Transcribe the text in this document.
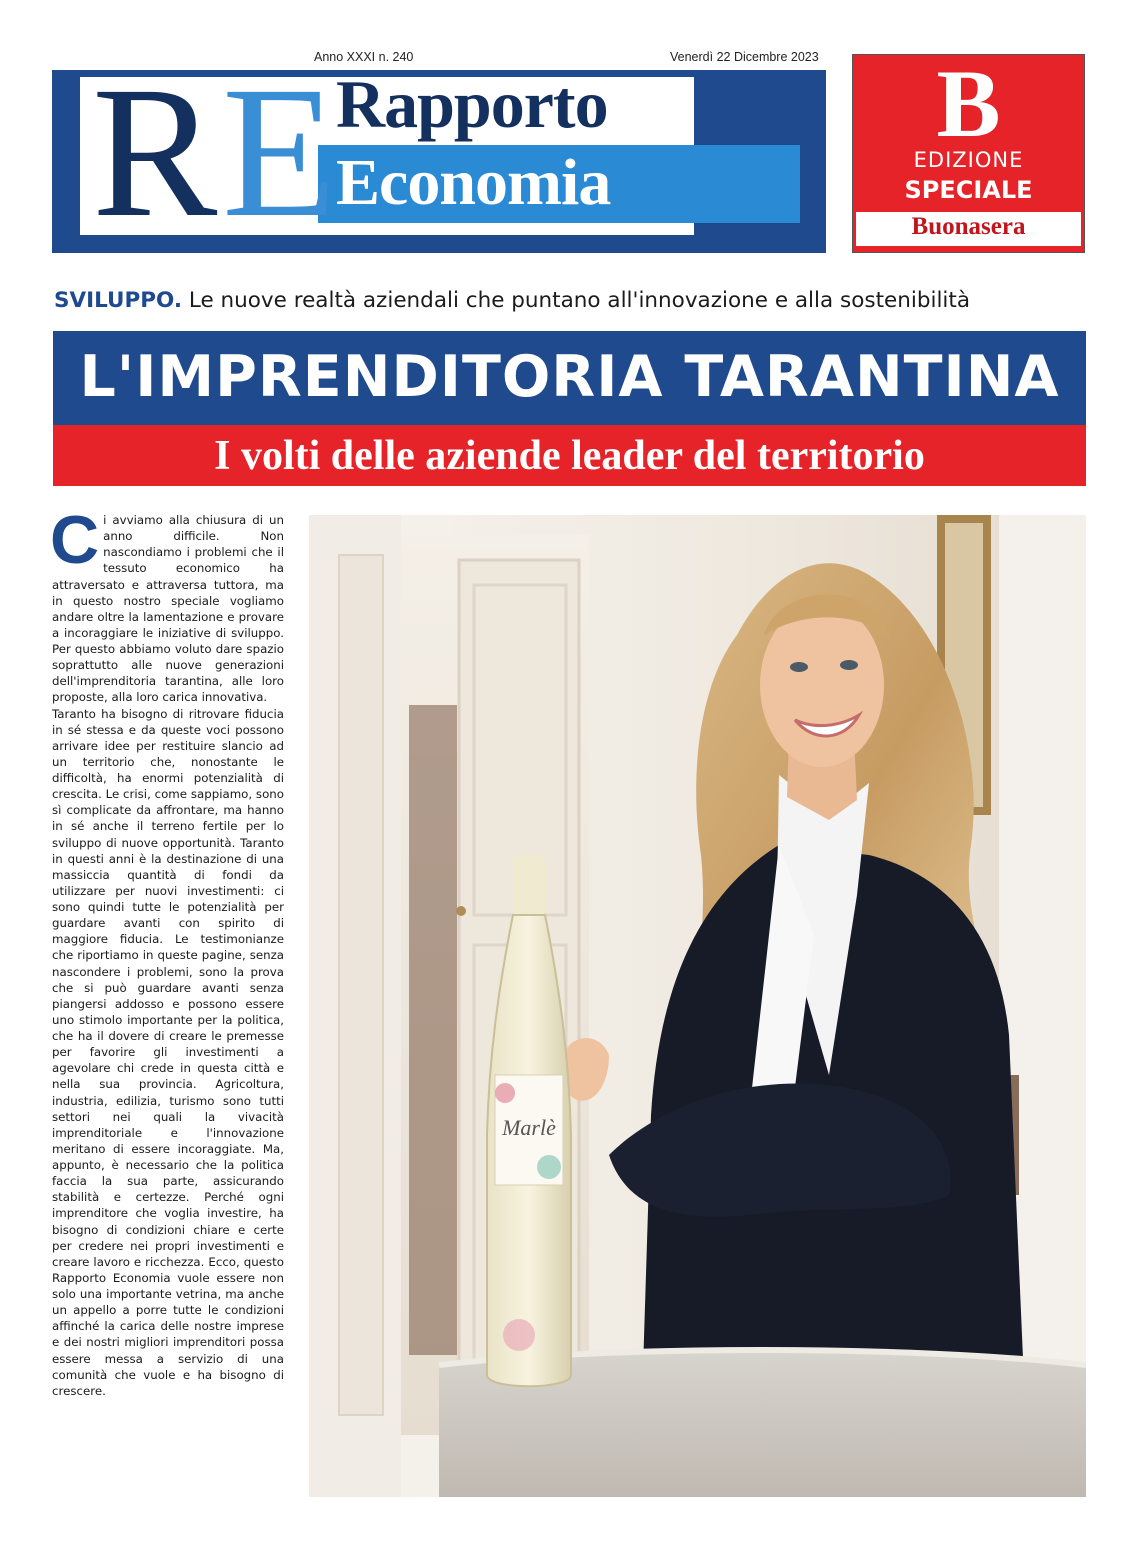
Anno XXXI n. 240	Venerdì 22 Dicembre 2023
R E Rapporto
Economia
B
EDIZIONE
SPECIALE
Buonasera
SVILUPPO. Le nuove realtà aziendali che puntano all'innovazione e alla sostenibilità
L'IMPRENDITORIA TARANTINA
I volti delle aziende leader del territorio

Ci avviamo alla chiusura di un anno difficile. Non nascondiamo i problemi che il tessuto economico ha attraversato e attraversa tuttora, ma in questo nostro speciale vogliamo andare oltre la lamentazione e provare a incoraggiare le iniziative di sviluppo. Per questo abbiamo voluto dare spazio soprattutto alle nuove generazioni dell'imprenditoria tarantina, alle loro proposte, alla loro carica innovativa.

Taranto ha bisogno di ritrovare fiducia in sé stessa e da queste voci possono arrivare idee per restituire slancio ad un territorio che, nonostante le difficoltà, ha enormi potenzialità di crescita. Le crisi, come sappiamo, sono sì complicate da affrontare, ma hanno in sé anche il terreno fertile per lo sviluppo di nuove opportunità. Taranto in questi anni è la destinazione di una massiccia quantità di fondi da utilizzare per nuovi investimenti: ci sono quindi tutte le potenzialità per guardare avanti con spirito di maggiore fiducia. Le testimonianze che riportiamo in queste pagine, senza nascondere i problemi, sono la prova che si può guardare avanti senza piangersi addosso e possono essere uno stimolo importante per la politica, che ha il dovere di creare le premesse per favorire gli investimenti a agevolare chi crede in questa città e nella sua provincia. Agricoltura, industria, edilizia, turismo sono tutti settori nei quali la vivacità imprenditoriale e l'innovazione meritano di essere incoraggiate. Ma, appunto, è necessario che la politica faccia la sua parte, assicurando stabilità e certezze. Perché ogni imprenditore che voglia investire, ha bisogno di condizioni chiare e certe per credere nei propri investimenti e creare lavoro e ricchezza. Ecco, questo Rapporto Economia vuole essere non solo una importante vetrina, ma anche un appello a porre tutte le condizioni affinché la carica delle nostre imprese e dei nostri migliori imprenditori possa essere messa a servizio di una comunità che vuole e ha bisogno di crescere.

Marlè
